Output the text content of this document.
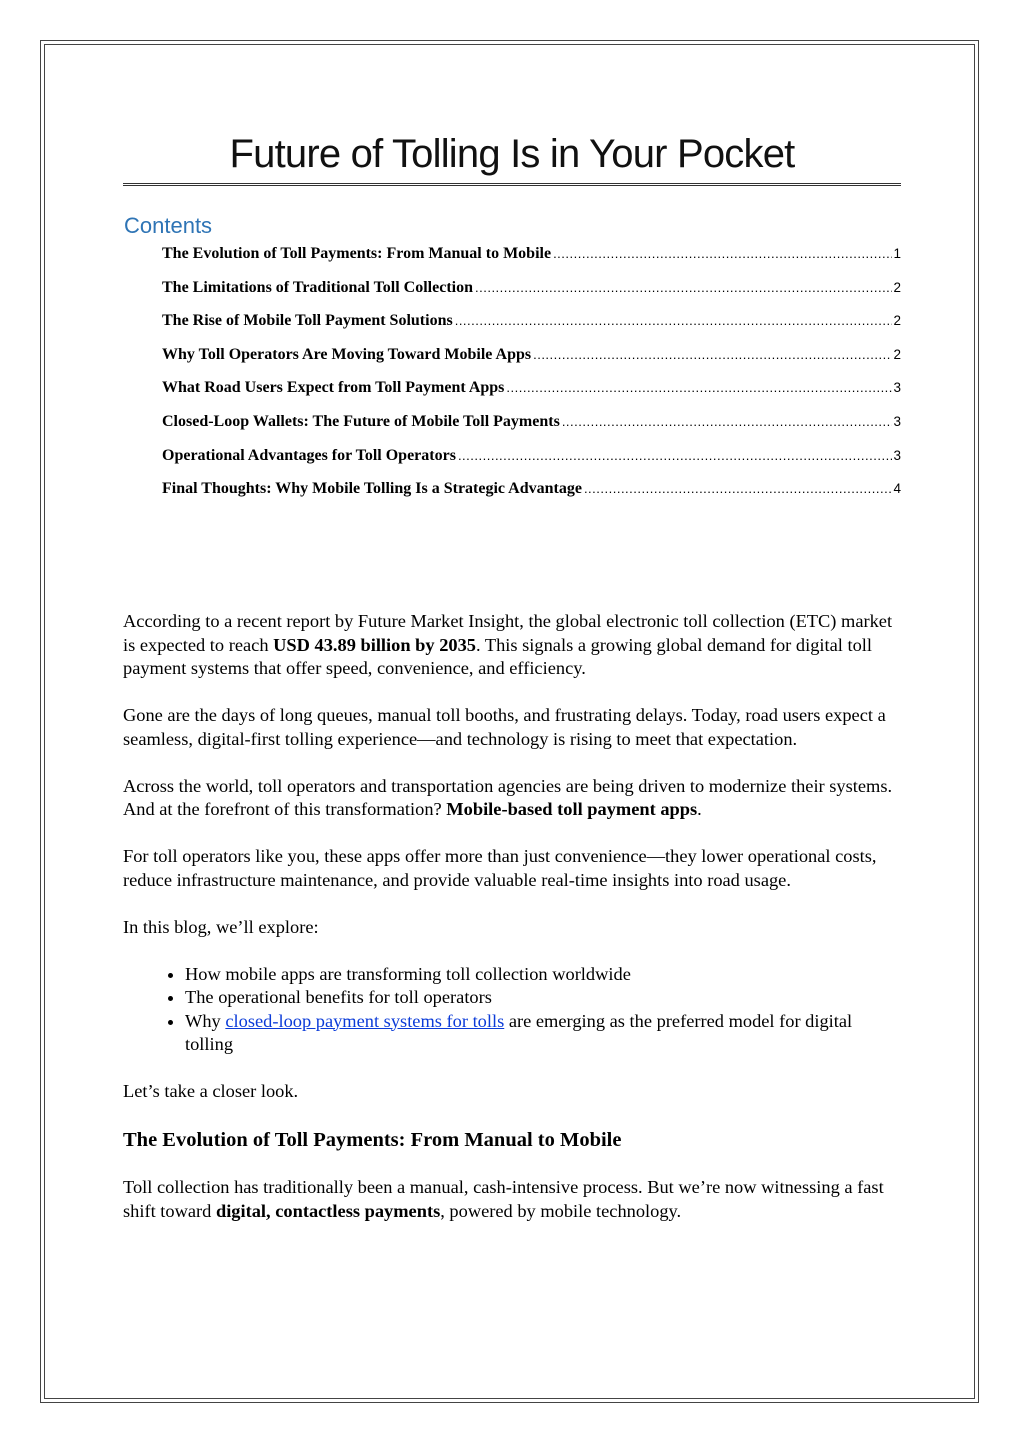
Future of Tolling Is in Your Pocket
Contents
The Evolution of Toll Payments: From Manual to Mobile .....	1
The Limitations of Traditional Toll Collection .....	2
The Rise of Mobile Toll Payment Solutions .....	2
Why Toll Operators Are Moving Toward Mobile Apps .....	2
What Road Users Expect from Toll Payment Apps .....	3
Closed-Loop Wallets: The Future of Mobile Toll Payments .....	3
Operational Advantages for Toll Operators .....	3
Final Thoughts: Why Mobile Tolling Is a Strategic Advantage .....	4

According to a recent report by Future Market Insight, the global electronic toll collection (ETC) market is expected to reach USD 43.89 billion by 2035. This signals a growing global demand for digital toll payment systems that offer speed, convenience, and efficiency.

Gone are the days of long queues, manual toll booths, and frustrating delays. Today, road users expect a seamless, digital-first tolling experience—and technology is rising to meet that expectation.

Across the world, toll operators and transportation agencies are being driven to modernize their systems. And at the forefront of this transformation? Mobile-based toll payment apps.

For toll operators like you, these apps offer more than just convenience—they lower operational costs, reduce infrastructure maintenance, and provide valuable real-time insights into road usage.

In this blog, we’ll explore:

• How mobile apps are transforming toll collection worldwide
• The operational benefits for toll operators
• Why closed-loop payment systems for tolls are emerging as the preferred model for digital tolling

Let’s take a closer look.

The Evolution of Toll Payments: From Manual to Mobile

Toll collection has traditionally been a manual, cash-intensive process. But we’re now witnessing a fast shift toward digital, contactless payments, powered by mobile technology.
